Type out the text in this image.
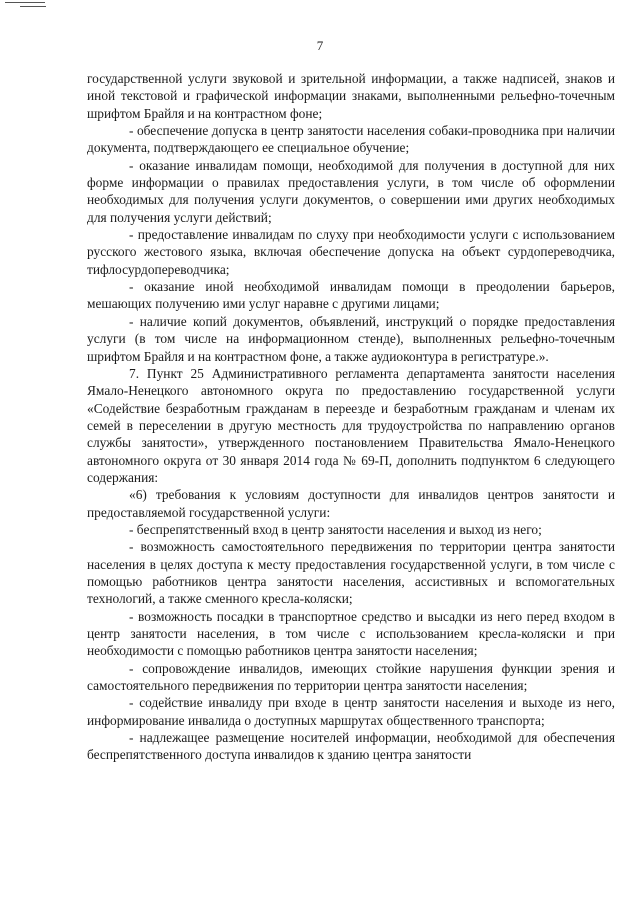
7

государственной услуги звуковой и зрительной информации, а также надписей, знаков и иной текстовой и графической информации знаками, выполненными рельефно-точечным шрифтом Брайля и на контрастном фоне;

- обеспечение допуска в центр занятости населения собаки-проводника при наличии документа, подтверждающего ее специальное обучение;

- оказание инвалидам помощи, необходимой для получения в доступной для них форме информации о правилах предоставления услуги, в том числе об оформлении необходимых для получения услуги документов, о совершении ими других необходимых для получения услуги действий;

- предоставление инвалидам по слуху при необходимости услуги с использованием русского жестового языка, включая обеспечение допуска на объект сурдопереводчика, тифлосурдопереводчика;

- оказание иной необходимой инвалидам помощи в преодолении барьеров, мешающих получению ими услуг наравне с другими лицами;

- наличие копий документов, объявлений, инструкций о порядке предоставления услуги (в том числе на информационном стенде), выполненных рельефно-точечным шрифтом Брайля и на контрастном фоне, а также аудиоконтура в регистратуре.».

7. Пункт 25 Административного регламента департамента занятости населения Ямало-Ненецкого автономного округа по предоставлению государственной услуги «Содействие безработным гражданам в переезде и безработным гражданам и членам их семей в переселении в другую местность для трудоустройства по направлению органов службы занятости», утвержденного постановлением Правительства Ямало-Ненецкого автономного округа от 30 января 2014 года № 69-П, дополнить подпунктом 6 следующего содержания:

«6) требования к условиям доступности для инвалидов центров занятости и предоставляемой государственной услуги:

- беспрепятственный вход в центр занятости населения и выход из него;

- возможность самостоятельного передвижения по территории центра занятости населения в целях доступа к месту предоставления государственной услуги, в том числе с помощью работников центра занятости населения, ассистивных и вспомогательных технологий, а также сменного кресла-коляски;

- возможность посадки в транспортное средство и высадки из него перед входом в центр занятости населения, в том числе с использованием кресла-коляски и при необходимости с помощью работников центра занятости населения;

- сопровождение инвалидов, имеющих стойкие нарушения функции зрения и самостоятельного передвижения по территории центра занятости населения;

- содействие инвалиду при входе в центр занятости населения и выходе из него, информирование инвалида о доступных маршрутах общественного транспорта;

- надлежащее размещение носителей информации, необходимой для обеспечения беспрепятственного доступа инвалидов к зданию центра занятости
